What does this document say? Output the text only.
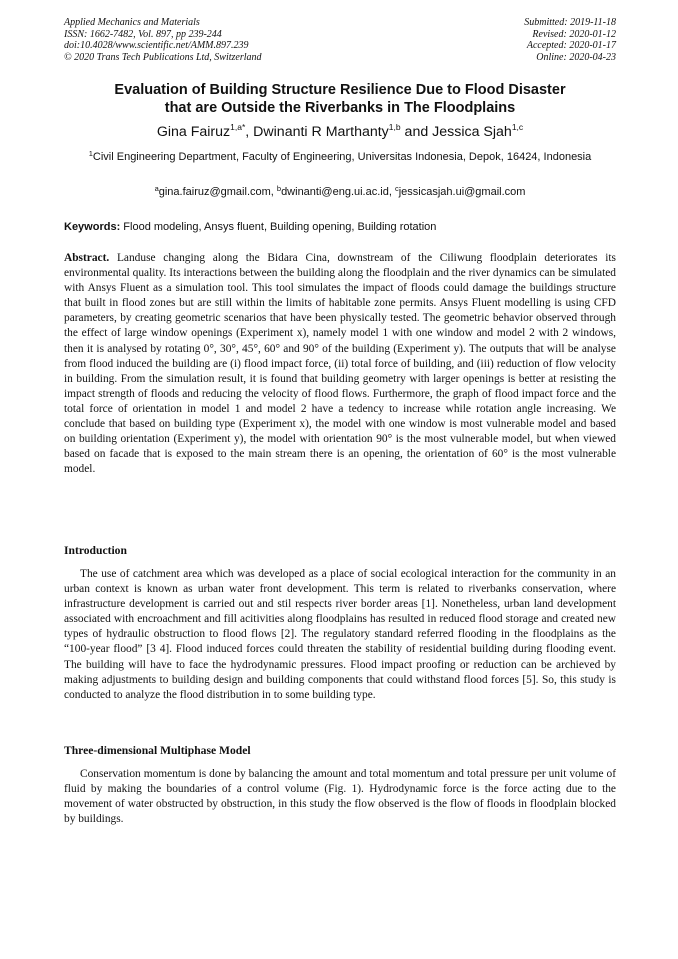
Applied Mechanics and Materials
ISSN: 1662-7482, Vol. 897, pp 239-244
doi:10.4028/www.scientific.net/AMM.897.239
© 2020 Trans Tech Publications Ltd, Switzerland
Submitted: 2019-11-18
Revised: 2020-01-12
Accepted: 2020-01-17
Online: 2020-04-23
Evaluation of Building Structure Resilience Due to Flood Disaster
that are Outside the Riverbanks in The Floodplains
Gina Fairuz$^{1,a*}$, Dwinanti R Marthanty$^{1,b}$ and Jessica Sjah$^{1,c}$
$^1$Civil Engineering Department, Faculty of Engineering, Universitas Indonesia, Depok, 16424, Indonesia
$^a$gina.fairuz@gmail.com, $^b$dwinanti@eng.ui.ac.id, $^c$jessicasjah.ui@gmail.com
Keywords: Flood modeling, Ansys fluent, Building opening, Building rotation
Abstract. Landuse changing along the Bidara Cina, downstream of the Ciliwung floodplain deteriorates its environmental quality. Its interactions between the building along the floodplain and the river dynamics can be simulated with Ansys Fluent as a simulation tool. This tool simulates the impact of floods could damage the buildings structure that built in flood zones but are still within the limits of habitable zone permits. Ansys Fluent modelling is using CFD parameters, by creating geometric scenarios that have been physically tested. The geometric behavior observed through the effect of large window openings (Experiment x), namely model 1 with one window and model 2 with 2 windows, then it is analysed by rotating 0°, 30°, 45°, 60° and 90° of the building (Experiment y). The outputs that will be analyse from flood induced the building are (i) flood impact force, (ii) total force of building, and (iii) reduction of flow velocity in building. From the simulation result, it is found that building geometry with larger openings is better at resisting the impact strength of floods and reducing the velocity of flood flows. Furthermore, the graph of flood impact force and the total force of orientation in model 1 and model 2 have a tedency to increase while rotation angle increasing. We conclude that based on building type (Experiment x), the model with one window is most vulnerable model and based on building orientation (Experiment y), the model with orientation 90° is the most vulnerable model, but when viewed based on facade that is exposed to the main stream there is an opening, the orientation of 60° is the most vulnerable model.
Introduction
The use of catchment area which was developed as a place of social ecological interaction for the community in an urban context is known as urban water front development. This term is related to riverbanks conservation, where infrastructure development is carried out and stil respects river border areas [1]. Nonetheless, urban land development associated with encroachment and fill acitivities along floodplains has resulted in reduced flood storage and created new types of hydraulic obstruction to flood flows [2]. The regulatory standard referred flooding in the floodplains as the “100-year flood” [3 4]. Flood induced forces could threaten the stability of residential building during flooding event. The building will have to face the hydrodynamic pressures. Flood impact proofing or reduction can be archieved by making adjustments to building design and building components that could withstand flood forces [5]. So, this study is conducted to analyze the flood distribution in to some building type.
Three-dimensional Multiphase Model
Conservation momentum is done by balancing the amount and total momentum and total pressure per unit volume of fluid by making the boundaries of a control volume (Fig. 1). Hydrodynamic force is the force acting due to the movement of water obstructed by obstruction, in this study the flow observed is the flow of floods in floodplain blocked by buildings.
